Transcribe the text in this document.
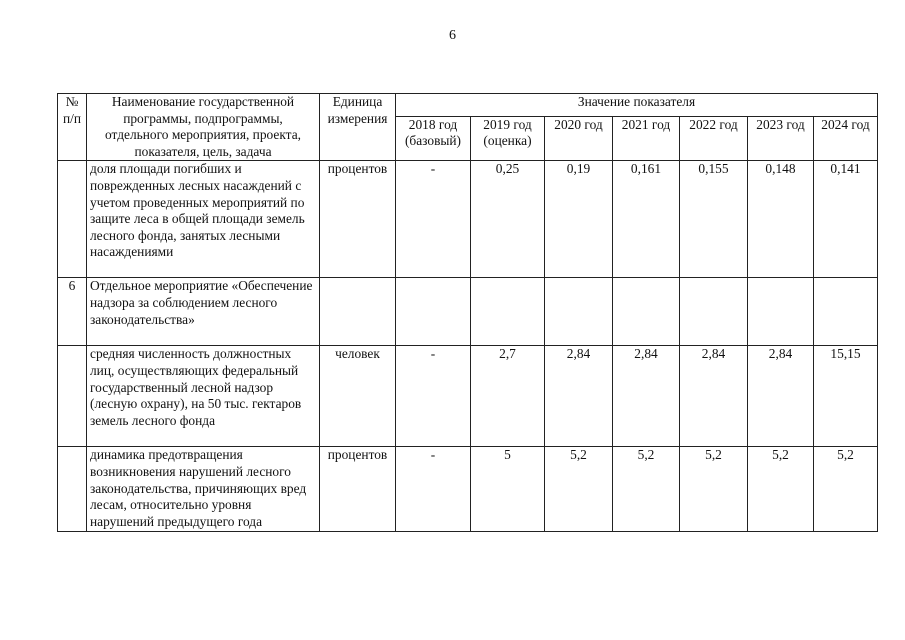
6
№ п/п	Наименование государственной программы, подпрограммы, отдельного мероприятия, проекта, показателя, цель, задача	Единица измерения	Значение показателя						
			2018 год (базовый)	2019 год (оценка)	2020 год	2021 год	2022 год	2023 год	2024 год
	доля площади погибших и поврежденных лесных насаждений с учетом проведенных мероприятий по защите леса в общей площади земель лесного фонда, занятых лесными насаждениями	процентов	-	0,25	0,19	0,161	0,155	0,148	0,141
6	Отдельное мероприятие «Обеспечение надзора за соблюдением лесного законодательства»								
	средняя численность должностных лиц, осуществляющих федеральный государственный лесной надзор (лесную охрану), на 50 тыс. гектаров земель лесного фонда	человек	-	2,7	2,84	2,84	2,84	2,84	15,15
	динамика предотвращения возникновения нарушений лесного законодательства, причиняющих вред лесам, относительно уровня нарушений предыдущего года	процентов	-	5	5,2	5,2	5,2	5,2	5,2
